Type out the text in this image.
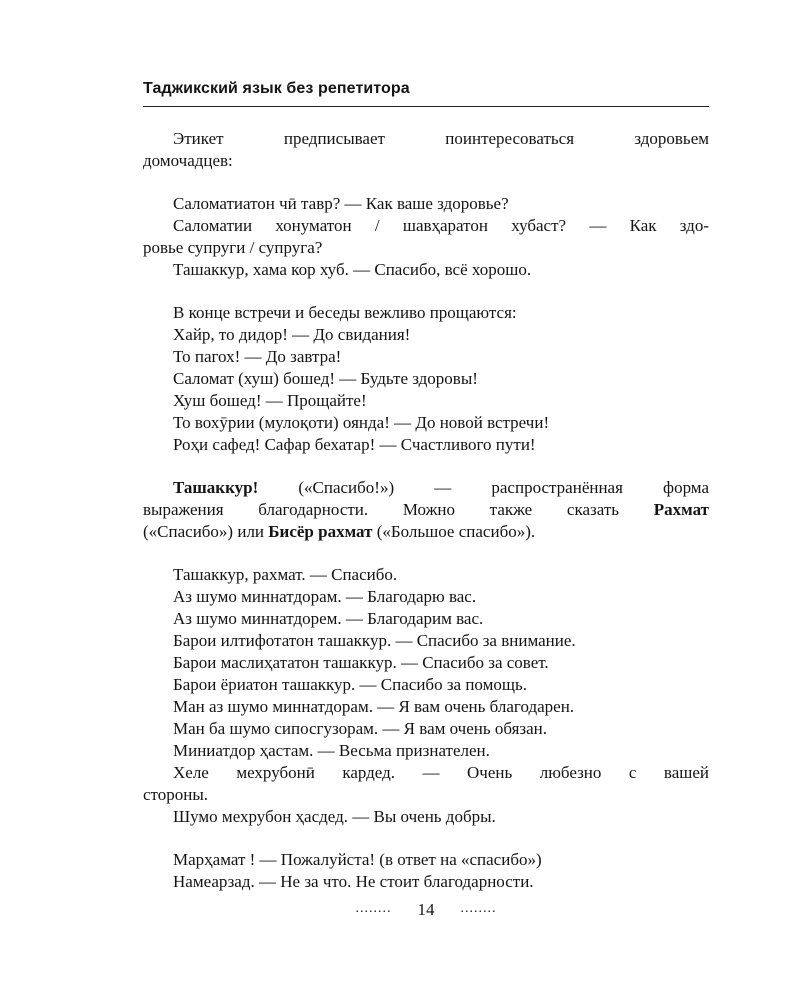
Таджикский язык без репетитора
Этикет предписывает поинтересоваться здоровьем
домочадцев:
Саломатиатон чӣ тавр? — Как ваше здоровье?
Саломатии хонуматон / шавҳаратон хубаст? — Как здо-
ровье супруги / супруга?
Ташаккур, хама кор хуб. — Спасибо, всё хорошо.
В конце встречи и беседы вежливо прощаются:
Хайр, то дидор! — До свидания!
То пагох! — До завтра!
Саломат (хуш) бошед! — Будьте здоровы!
Хуш бошед! — Прощайте!
То вохӯрии (мулоқоти) оянда! — До новой встречи!
Роҳи сафед! Сафар бехатар! — Счастливого пути!
Ташаккур! («Спасибо!») — распространённая форма
выражения благодарности. Можно также сказать Рахмат
(«Спасибо») или Бисёр рахмат («Большое спасибо»).
Ташаккур, рахмат. — Спасибо.
Аз шумо миннатдорам. — Благодарю вас.
Аз шумо миннатдорем. — Благодарим вас.
Барои илтифотатон ташаккур. — Спасибо за внимание.
Барои маслиҳататон ташаккур. — Спасибо за совет.
Барои ёриатон ташаккур. — Спасибо за помощь.
Ман аз шумо миннатдорам. — Я вам очень благодарен.
Ман ба шумо сипосгузорам. — Я вам очень обязан.
Миниатдор ҳастам. — Весьма признателен.
Хеле мехрубонӣ кардед. — Очень любезно с вашей
стороны.
Шумо мехрубон ҳасдед. — Вы очень добры.
Марҳамат ! — Пожалуйста! (в ответ на «спасибо»)
Намеарзад. — Не за что. Не стоит благодарности.
........ 14 ........
